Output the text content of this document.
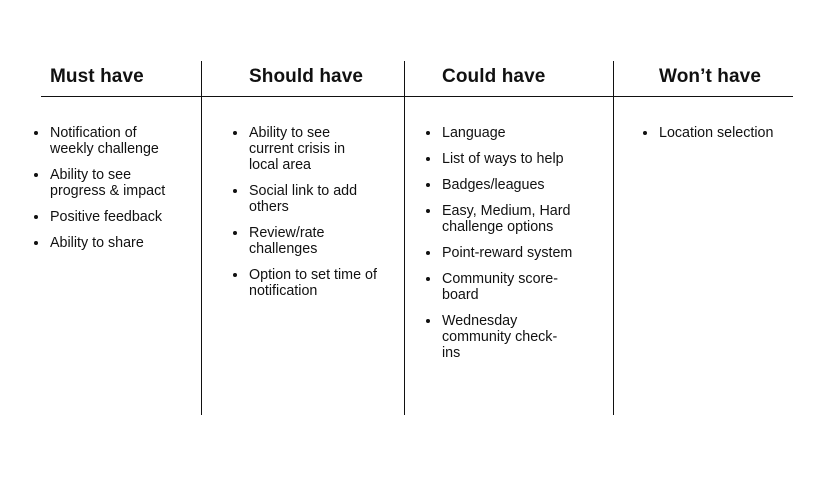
Must have
Notification of weekly challenge
Ability to see progress & impact
Positive feedback
Ability to share
Should have
Ability to see current crisis in local area
Social link to add others
Review/rate challenges
Option to set time of notification
Could have
Language
List of ways to help
Badges/leagues
Easy, Medium, Hard challenge options
Point-reward system
Community score-board
Wednesday community check-ins
Won’t have
Location selection
